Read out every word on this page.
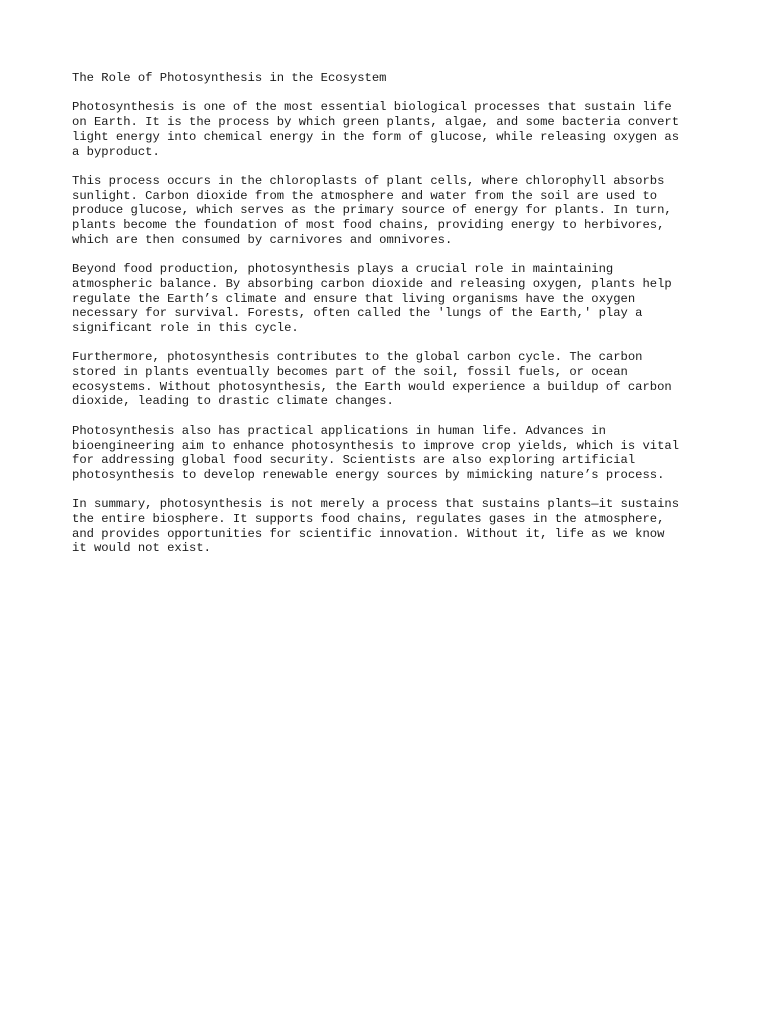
The Role of Photosynthesis in the Ecosystem
Photosynthesis is one of the most essential biological processes that sustain life
on Earth. It is the process by which green plants, algae, and some bacteria convert
light energy into chemical energy in the form of glucose, while releasing oxygen as
a byproduct.
This process occurs in the chloroplasts of plant cells, where chlorophyll absorbs
sunlight. Carbon dioxide from the atmosphere and water from the soil are used to
produce glucose, which serves as the primary source of energy for plants. In turn,
plants become the foundation of most food chains, providing energy to herbivores,
which are then consumed by carnivores and omnivores.
Beyond food production, photosynthesis plays a crucial role in maintaining
atmospheric balance. By absorbing carbon dioxide and releasing oxygen, plants help
regulate the Earth’s climate and ensure that living organisms have the oxygen
necessary for survival. Forests, often called the 'lungs of the Earth,' play a
significant role in this cycle.
Furthermore, photosynthesis contributes to the global carbon cycle. The carbon
stored in plants eventually becomes part of the soil, fossil fuels, or ocean
ecosystems. Without photosynthesis, the Earth would experience a buildup of carbon
dioxide, leading to drastic climate changes.
Photosynthesis also has practical applications in human life. Advances in
bioengineering aim to enhance photosynthesis to improve crop yields, which is vital
for addressing global food security. Scientists are also exploring artificial
photosynthesis to develop renewable energy sources by mimicking nature’s process.
In summary, photosynthesis is not merely a process that sustains plants—it sustains
the entire biosphere. It supports food chains, regulates gases in the atmosphere,
and provides opportunities for scientific innovation. Without it, life as we know
it would not exist.
